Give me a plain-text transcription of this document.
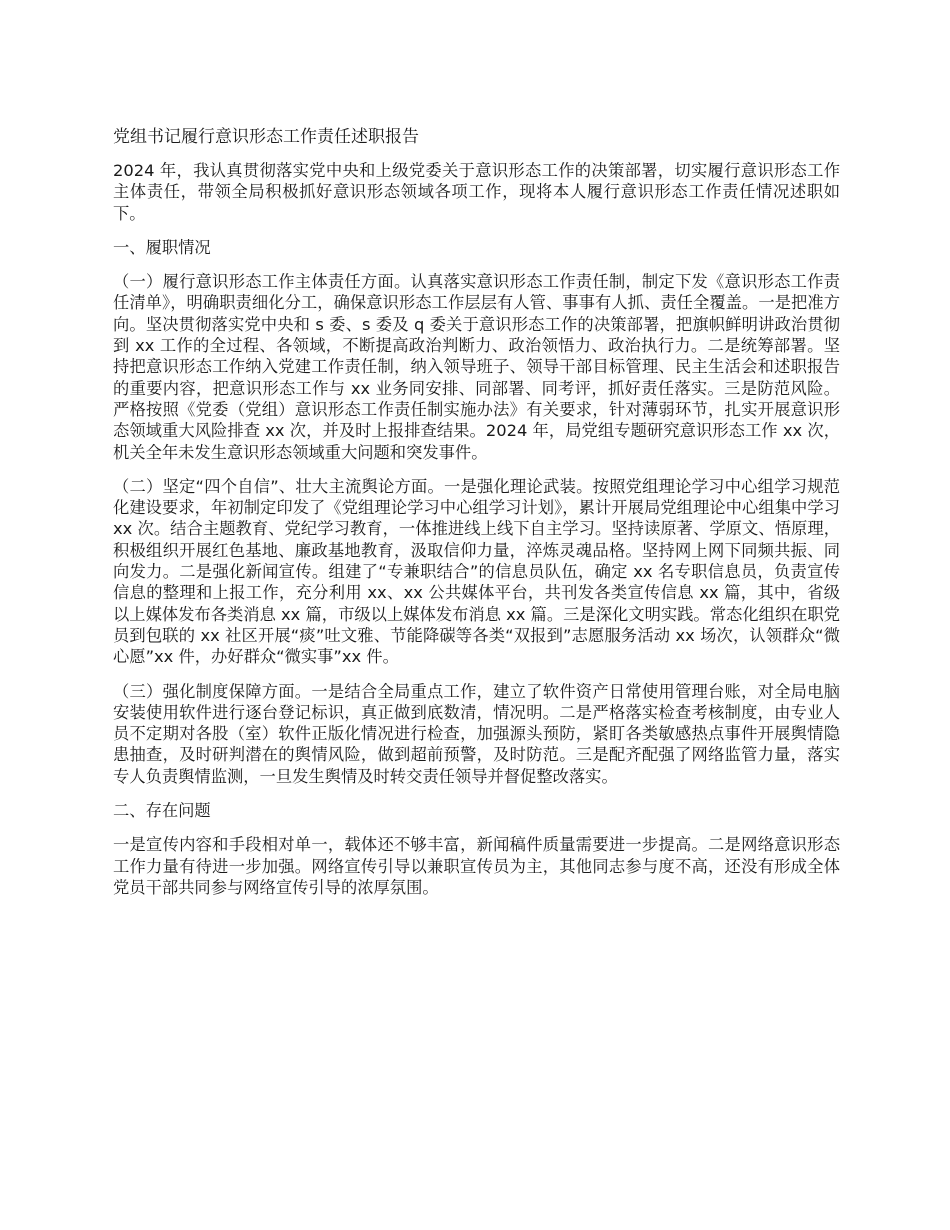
党组书记履行意识形态工作责任述职报告

2024 年，我认真贯彻落实党中央和上级党委关于意识形态工作的决策部署，切实履行意识形态工作主体责任，带领全局积极抓好意识形态领域各项工作，现将本人履行意识形态工作责任情况述职如下。

一、履职情况

（一）履行意识形态工作主体责任方面。认真落实意识形态工作责任制，制定下发《意识形态工作责任清单》，明确职责细化分工，确保意识形态工作层层有人管、事事有人抓、责任全覆盖。一是把准方向。坚决贯彻落实党中央和 s 委、s 委及 q 委关于意识形态工作的决策部署，把旗帜鲜明讲政治贯彻到 xx 工作的全过程、各领域，不断提高政治判断力、政治领悟力、政治执行力。二是统筹部署。坚持把意识形态工作纳入党建工作责任制，纳入领导班子、领导干部目标管理、民主生活会和述职报告的重要内容，把意识形态工作与 xx 业务同安排、同部署、同考评，抓好责任落实。三是防范风险。严格按照《党委（党组）意识形态工作责任制实施办法》有关要求，针对薄弱环节，扎实开展意识形态领域重大风险排查 xx 次，并及时上报排查结果。2024 年，局党组专题研究意识形态工作 xx 次，机关全年未发生意识形态领域重大问题和突发事件。

（二）坚定“四个自信”、壮大主流舆论方面。一是强化理论武装。按照党组理论学习中心组学习规范化建设要求，年初制定印发了《党组理论学习中心组学习计划》，累计开展局党组理论中心组集中学习 xx 次。结合主题教育、党纪学习教育，一体推进线上线下自主学习。坚持读原著、学原文、悟原理，积极组织开展红色基地、廉政基地教育，汲取信仰力量，淬炼灵魂品格。坚持网上网下同频共振、同向发力。二是强化新闻宣传。组建了“专兼职结合”的信息员队伍，确定 xx 名专职信息员，负责宣传信息的整理和上报工作，充分利用 xx、xx 公共媒体平台，共刊发各类宣传信息 xx 篇，其中，省级以上媒体发布各类消息 xx 篇，市级以上媒体发布消息 xx 篇。三是深化文明实践。常态化组织在职党员到包联的 xx 社区开展“痰”吐文雅、节能降碳等各类“双报到”志愿服务活动 xx 场次，认领群众“微心愿”xx 件，办好群众“微实事”xx 件。

（三）强化制度保障方面。一是结合全局重点工作，建立了软件资产日常使用管理台账，对全局电脑安装使用软件进行逐台登记标识，真正做到底数清，情况明。二是严格落实检查考核制度，由专业人员不定期对各股（室）软件正版化情况进行检查，加强源头预防，紧盯各类敏感热点事件开展舆情隐患抽查，及时研判潜在的舆情风险，做到超前预警，及时防范。三是配齐配强了网络监管力量，落实专人负责舆情监测，一旦发生舆情及时转交责任领导并督促整改落实。

二、存在问题

一是宣传内容和手段相对单一，载体还不够丰富，新闻稿件质量需要进一步提高。二是网络意识形态工作力量有待进一步加强。网络宣传引导以兼职宣传员为主，其他同志参与度不高，还没有形成全体党员干部共同参与网络宣传引导的浓厚氛围。
